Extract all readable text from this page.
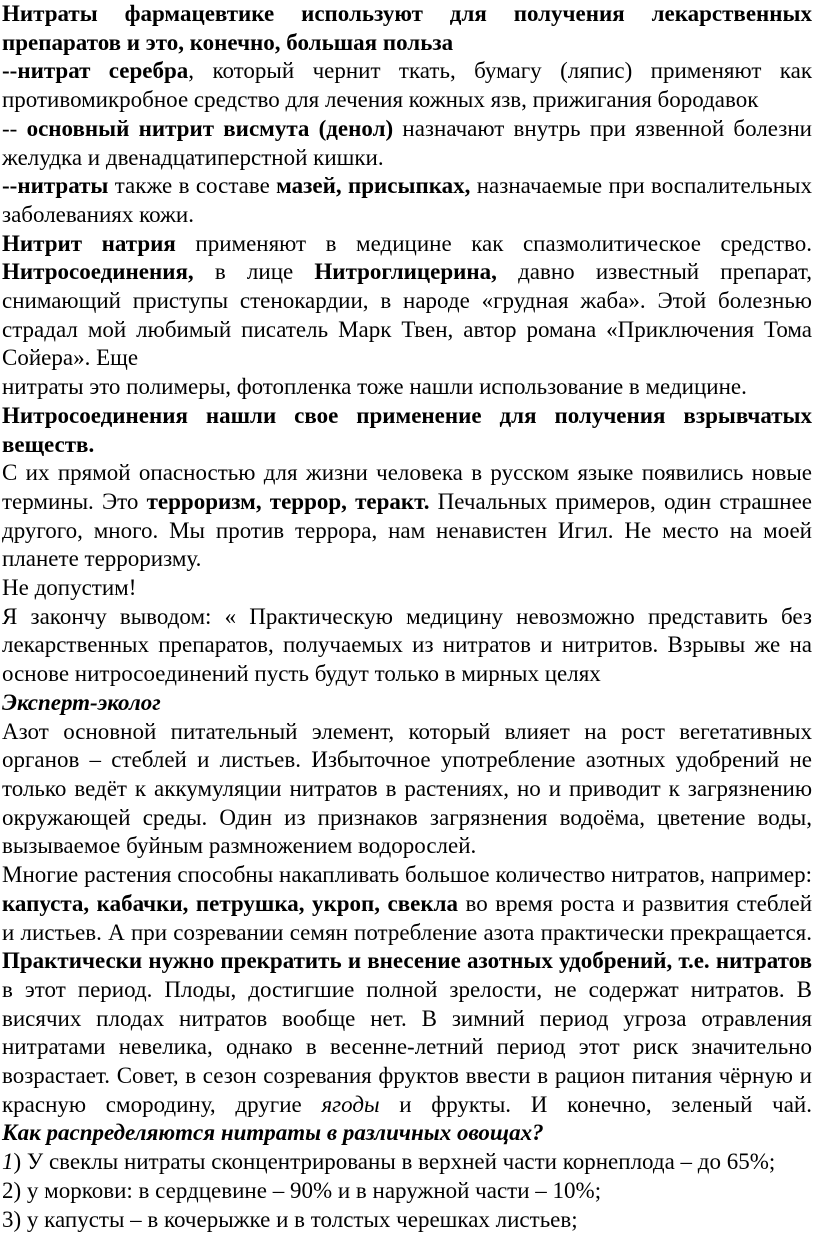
Нитраты фармацевтике используют для получения лекарственных препаратов и это, конечно, большая польза

--нитрат серебра, который чернит ткать, бумагу (ляпис) применяют как противомикробное средство для лечения кожных язв, прижигания бородавок

-- основный нитрит висмута (денол) назначают внутрь при язвенной болезни желудка и двенадцатиперстной кишки.

--нитраты также в составе мазей, присыпках, назначаемые при воспалительных заболеваниях кожи.

Нитрит натрия применяют в медицине как спазмолитическое средство. Нитросоединения, в лице Нитроглицерина, давно известный препарат, снимающий приступы стенокардии, в народе «грудная жаба». Этой болезнью страдал мой любимый писатель Марк Твен, автор романа «Приключения Тома Сойера». Еще

нитраты это полимеры, фотопленка тоже нашли использование в медицине.

Нитросоединения нашли свое применение для получения взрывчатых веществ.

С их прямой опасностью для жизни человека в русском языке появились новые термины. Это терроризм, террор, теракт. Печальных примеров, один страшнее другого, много. Мы против террора, нам ненавистен Игил. Не место на моей планете терроризму.

Не допустим!

Я закончу выводом: « Практическую медицину невозможно представить без лекарственных препаратов, получаемых из нитратов и нитритов. Взрывы же на основе нитросоединений пусть будут только в мирных целях

Эксперт-эколог

Азот основной питательный элемент, который влияет на рост вегетативных органов – стеблей и листьев. Избыточное употребление азотных удобрений не только ведёт к аккумуляции нитратов в растениях, но и приводит к загрязнению окружающей среды. Один из признаков загрязнения водоёма, цветение воды, вызываемое буйным размножением водорослей.

Многие растения способны накапливать большое количество нитратов, например: капуста, кабачки, петрушка, укроп, свекла во время роста и развития стеблей и листьев. А при созревании семян потребление азота практически прекращается. Практически нужно прекратить и внесение азотных удобрений, т.е. нитратов в этот период. Плоды, достигшие полной зрелости, не содержат нитратов. В висячих плодах нитратов вообще нет. В зимний период угроза отравления нитратами невелика, однако в весенне-летний период этот риск значительно возрастает. Совет, в сезон созревания фруктов ввести в рацион питания чёрную и красную смородину, другие ягоды и фрукты. И конечно, зеленый чай.

Как распределяются нитраты в различных овощах?

1) У свеклы нитраты сконцентрированы в верхней части корнеплода – до 65%;

2) у моркови: в сердцевине – 90% и в наружной части – 10%;

3) у капусты – в кочерыжке и в толстых черешках листьев;
